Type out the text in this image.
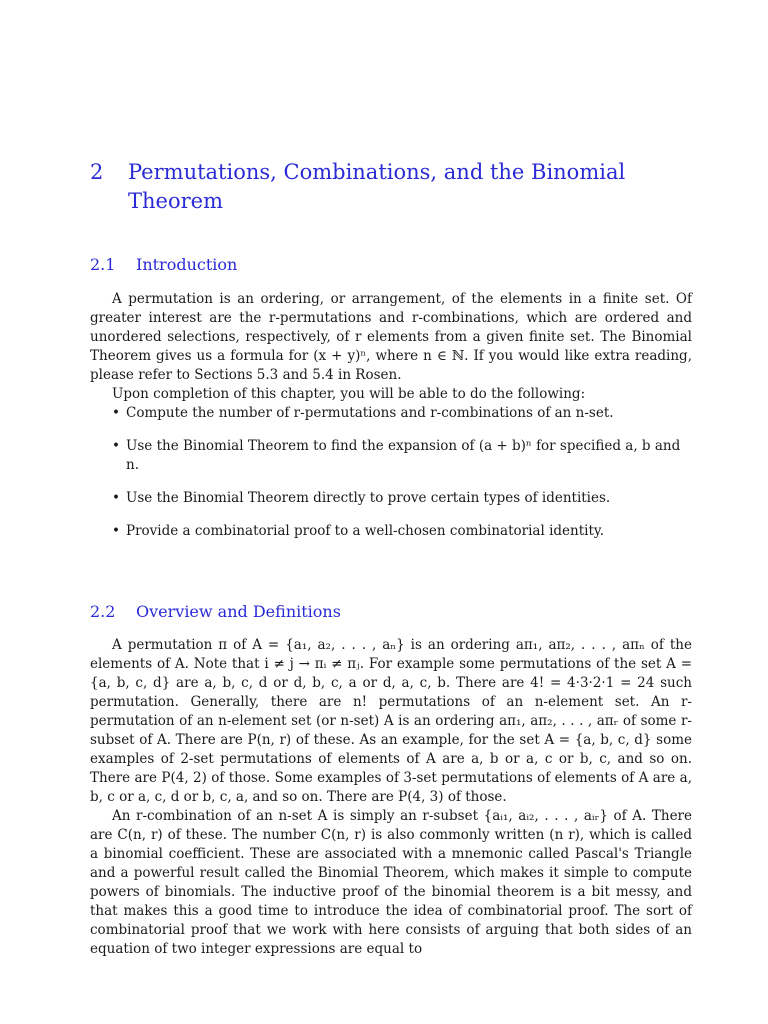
2	Permutations, Combinations, and the Binomial Theorem
2.1	Introduction

A permutation is an ordering, or arrangement, of the elements in a finite set. Of greater interest are the r-permutations and r-combinations, which are ordered and unordered selections, respectively, of r elements from a given finite set. The Binomial Theorem gives us a formula for (x + y)ⁿ, where n ∈ ℕ. If you would like extra reading, please refer to Sections 5.3 and 5.4 in Rosen.

Upon completion of this chapter, you will be able to do the following:

• Compute the number of r-permutations and r-combinations of an n-set.
• Use the Binomial Theorem to find the expansion of (a + b)ⁿ for specified a, b and n.
• Use the Binomial Theorem directly to prove certain types of identities.
• Provide a combinatorial proof to a well-chosen combinatorial identity.
2.2	Overview and Definitions

A permutation π of A = {a₁, a₂, . . . , aₙ} is an ordering aπ₁, aπ₂, . . . , aπₙ of the elements of A. Note that i ≠ j → πᵢ ≠ πⱼ. For example some permutations of the set A = {a, b, c, d} are a, b, c, d or d, b, c, a or d, a, c, b. There are 4! = 4·3·2·1 = 24 such permutation. Generally, there are n! permutations of an n-element set. An r-permutation of an n-element set (or n-set) A is an ordering aπ₁, aπ₂, . . . , aπᵣ of some r-subset of A. There are P(n, r) of these. As an example, for the set A = {a, b, c, d} some examples of 2-set permutations of elements of A are a, b or a, c or b, c, and so on. There are P(4, 2) of those. Some examples of 3-set permutations of elements of A are a, b, c or a, c, d or b, c, a, and so on. There are P(4, 3) of those.

An r-combination of an n-set A is simply an r-subset {aᵢ₁, aᵢ₂, . . . , aᵢᵣ} of A. There are C(n, r) of these. The number C(n, r) is also commonly written (n r), which is called a binomial coefficient. These are associated with a mnemonic called Pascal's Triangle and a powerful result called the Binomial Theorem, which makes it simple to compute powers of binomials. The inductive proof of the binomial theorem is a bit messy, and that makes this a good time to introduce the idea of combinatorial proof. The sort of combinatorial proof that we work with here consists of arguing that both sides of an equation of two integer expressions are equal to
